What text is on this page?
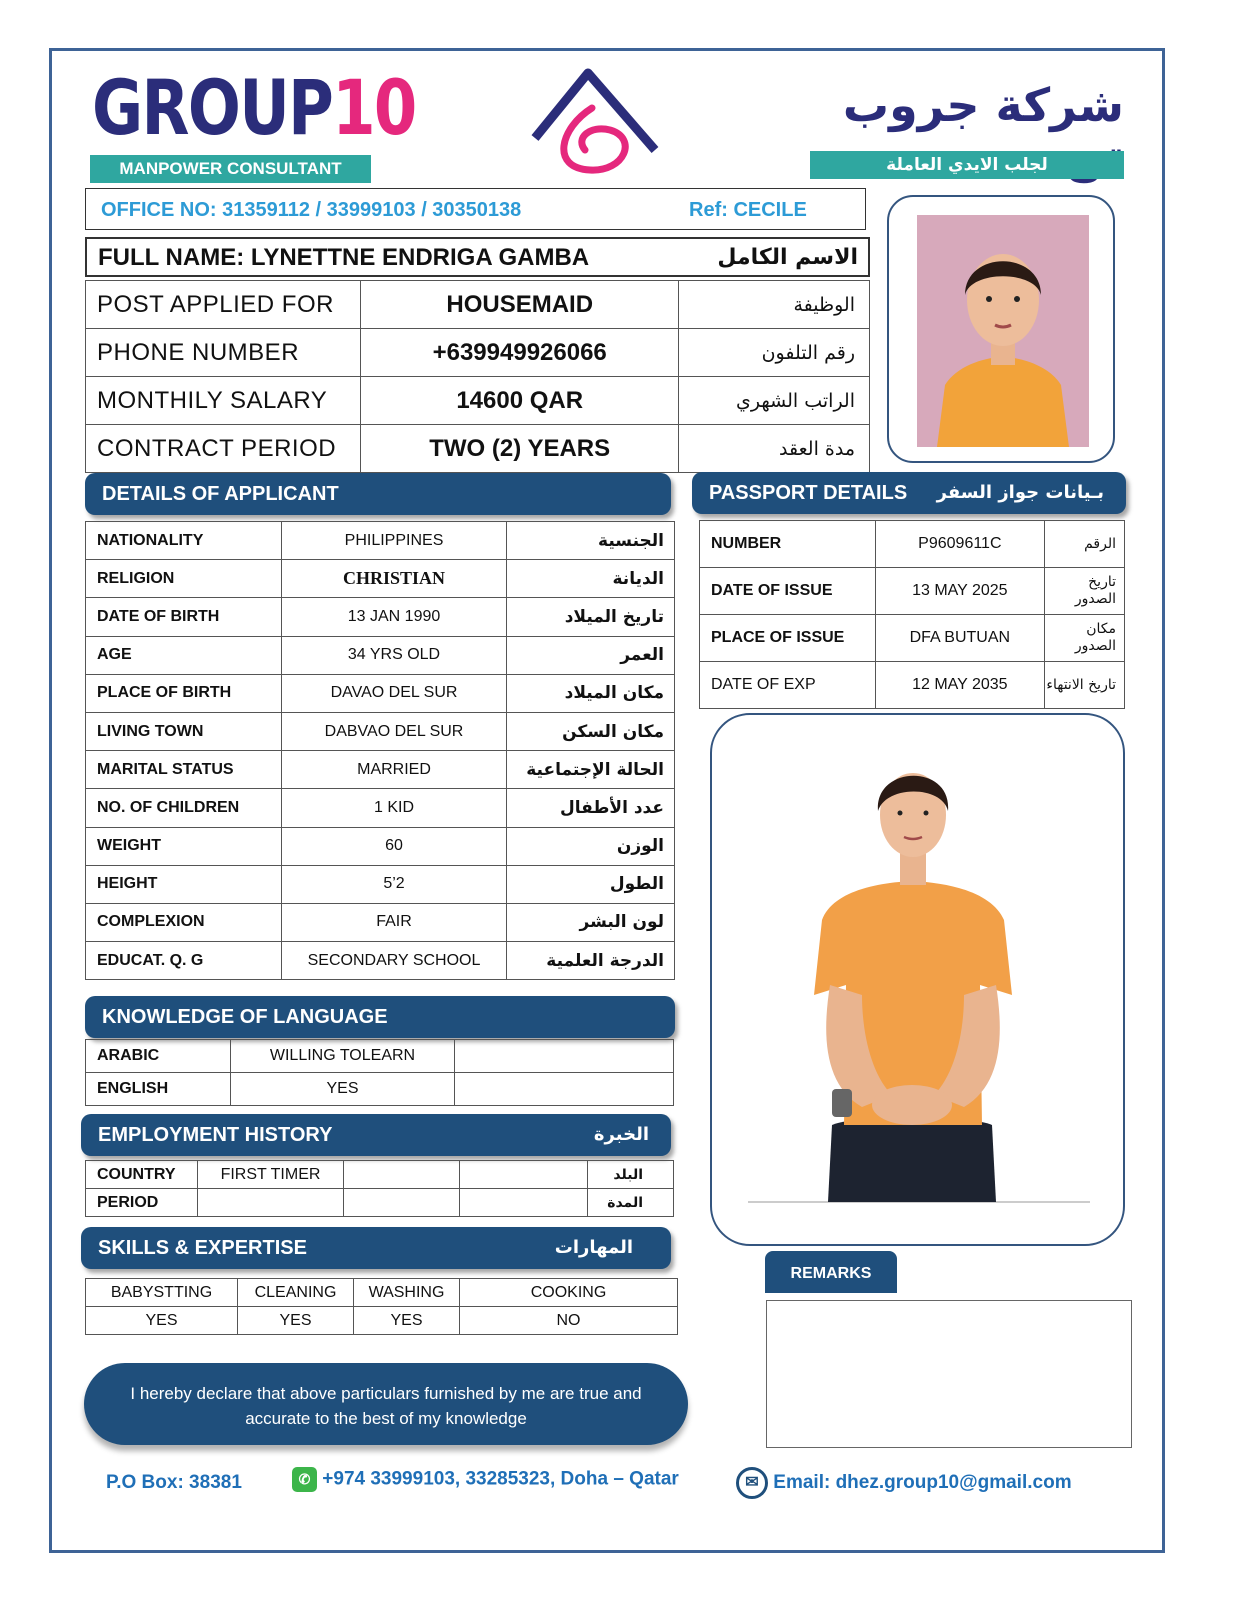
GROUP10
MANPOWER CONSULTANT
شركة جروب
لجلب الايدي العاملة
OFFICE NO: 31359112 / 33999103 / 30350138	Ref: CECILE
FULL NAME: LYNETTNE ENDRIGA GAMBA	الاسم الكامل
POST APPLIED FOR	HOUSEMAID	الوظيفة
PHONE NUMBER	+639949926066	رقم التلفون
MONTHILY SALARY	14600 QAR	الراتب الشهري
CONTRACT PERIOD	TWO (2) YEARS	مدة العقد
DETAILS OF APPLICANT
NATIONALITY	PHILIPPINES	الجنسية
RELIGION	CHRISTIAN	الديانة
DATE OF BIRTH	13 JAN 1990	تاريخ الميلاد
AGE	34 YRS OLD	العمر
PLACE OF BIRTH	DAVAO DEL SUR	مكان الميلاد
LIVING TOWN	DABVAO DEL SUR	مكان السكن
MARITAL STATUS	MARRIED	الحالة الإجتماعية
NO. OF CHILDREN	1 KID	عدد الأطفال
WEIGHT	60	الوزن
HEIGHT	5’2	الطول
COMPLEXION	FAIR	لون البشر
EDUCAT. Q. G	SECONDARY SCHOOL	الدرجة العلمية
PASSPORT DETAILS بـيانات جواز السفر
NUMBER	P9609611C	الرقم
DATE OF ISSUE	13 MAY 2025	تاريخ الصدور
PLACE OF ISSUE	DFA BUTUAN	مكان الصدور
DATE OF EXP	12 MAY 2035	تاريخ الانتهاء
KNOWLEDGE OF LANGUAGE
ARABIC	WILLING TOLEARN	
ENGLISH	YES	
EMPLOYMENT HISTORY	الخبرة
COUNTRY	FIRST TIMER			البلد
PERIOD				المدة
SKILLS & EXPERTISE	المهارات
BABYSTTING	CLEANING	WASHING	COOKING
YES	YES	YES	NO
REMARKS
I hereby declare that above particulars furnished by me are true and
accurate to the best of my knowledge
P.O Box: 38381	✆ +974 33999103, 33285323, Doha – Qatar	✉ Email: dhez.group10@gmail.com
